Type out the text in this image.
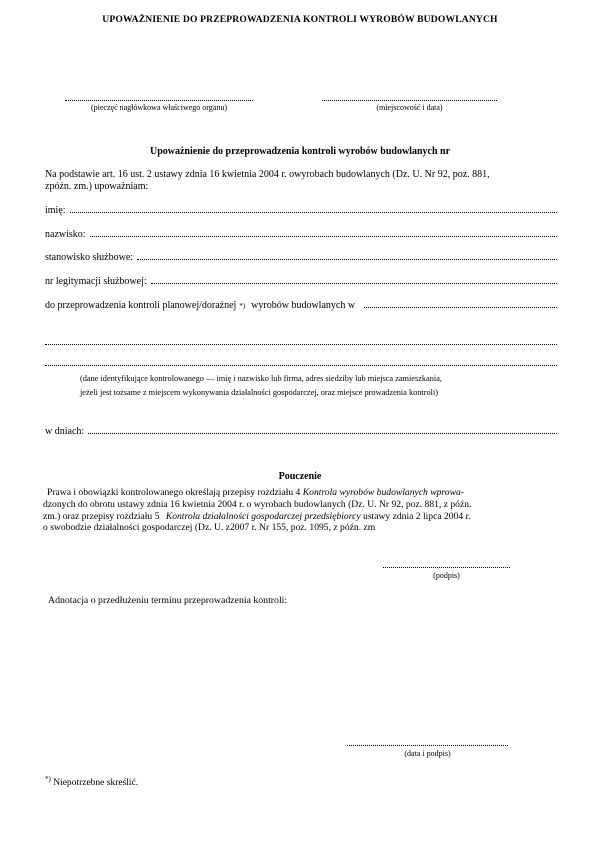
UPOWAŻNIENIE DO PRZEPROWADZENIA KONTROLI WYROBÓW BUDOWLANYCH
(pieczęć nagłówkowa właściwego organu)	(miejscowość i data)
Upoważnienie do przeprowadzenia kontroli wyrobów budowlanych nr
Na podstawie art. 16 ust. 2 ustawy zdnia 16 kwietnia 2004 r. owyrobach budowlanych (Dz. U. Nr 92, poz. 881,
zpóźn. zm.) upoważniam:
imię:
nazwisko:
stanowisko służbowe:
nr legitymacji służbowej:
do przeprowadzenia kontroli planowej/doraźnej *) wyrobów budowlanych w
(dane identyfikujące kontrolowanego — imię i nazwisko lub firma, adres siedziby lub miejsca zamieszkania,
jeżeli jest tożsame z miejscem wykonywania działalności gospodarczej, oraz miejsce prowadzenia kontroli)
w dniach:
Pouczenie
Prawa i obowiązki kontrolowanego określają przepisy rozdziału 4 Kontrola wyrobów budowlanych wprowa-
dzonych do obrotu ustawy zdnia 16 kwietnia 2004 r. o wyrobach budowlanych (Dz. U. Nr 92, poz. 881, z późn.
zm.) oraz przepisy rozdziału 5 Kontrola działalności gospodarczej przedsiębiorcy ustawy zdnia 2 lipca 2004 r.
o swobodzie działalności gospodarczej (Dz. U. z2007 r. Nr 155, poz. 1095, z późn. zm
(podpis)
Adnotacja o przedłużeniu terminu przeprowadzenia kontroli:
(data i podpis)
*) Niepotrzebne skreślić.
